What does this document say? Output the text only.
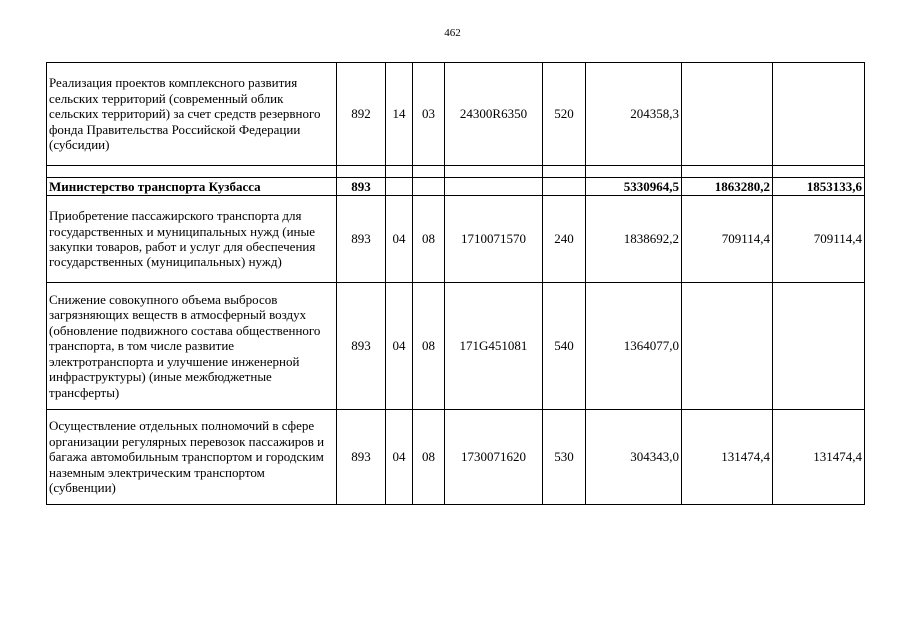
462
Реализация проектов комплексного развития сельских территорий (современный облик сельских территорий) за счет средств резервного фонда Правительства Российской Федерации (субсидии)	892	14	03	24300R6350	520	204358,3		

Министерство транспорта Кузбасса	893					5330964,5	1863280,2	1853133,6
Приобретение пассажирского транспорта для государственных и муниципальных нужд (иные закупки товаров, работ и услуг для обеспечения государственных (муниципальных) нужд)	893	04	08	1710071570	240	1838692,2	709114,4	709114,4
Снижение совокупного объема выбросов загрязняющих веществ в атмосферный воздух (обновление подвижного состава общественного транспорта, в том числе развитие электротранспорта и улучшение инженерной инфраструктуры) (иные межбюджетные трансферты)	893	04	08	171G451081	540	1364077,0		
Осуществление отдельных полномочий в сфере организации регулярных перевозок пассажиров и багажа автомобильным транспортом и городским наземным электрическим транспортом (субвенции)	893	04	08	1730071620	530	304343,0	131474,4	131474,4
